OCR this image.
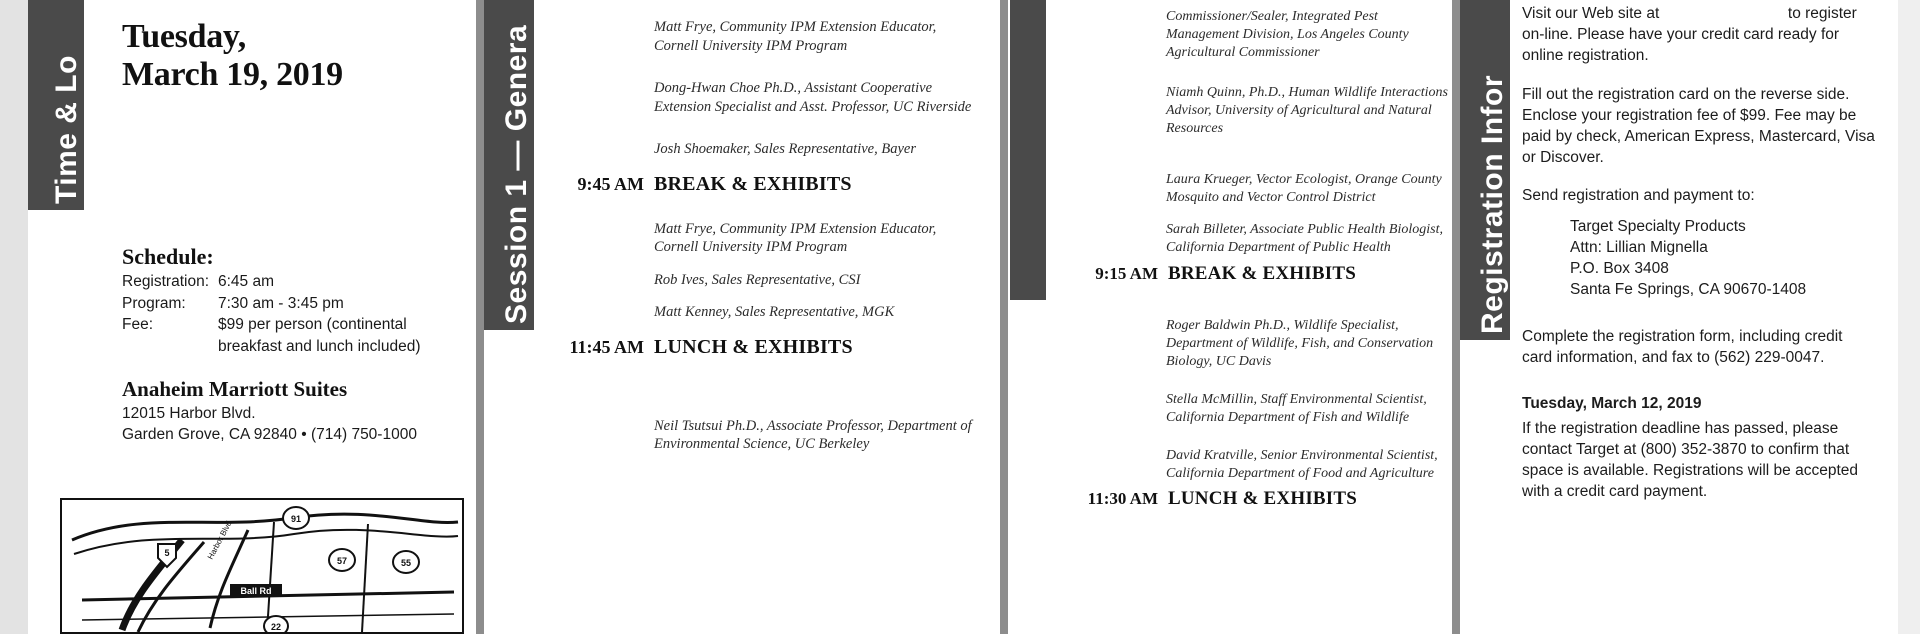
Time & Lo
Tuesday,
March 19, 2019
Schedule:
Registration:	6:45 am
Program:	7:30 am - 3:45 pm
Fee:	$99 per person (continental
	breakfast and lunch included)
Anaheim Marriott Suites
12015 Harbor Blvd.
Garden Grove, CA 92840 • (714) 750-1000
91
5
57	55
Ball Rd
Harbor Blvd
22
Session 1 — Genera	Matt Frye, Community IPM Extension Educator, Cornell University IPM Program
Dong-Hwan Choe Ph.D., Assistant Cooperative Extension Specialist and Asst. Professor, UC Riverside
Josh Shoemaker, Sales Representative, Bayer
9:45 AM BREAK & EXHIBITS
Matt Frye, Community IPM Extension Educator, Cornell University IPM Program
Rob Ives, Sales Representative, CSI
Matt Kenney, Sales Representative, MGK
11:45 AM LUNCH & EXHIBITS
Neil Tsutsui Ph.D., Associate Professor, Department of Environmental Science, UC Berkeley
Commissioner/Sealer, Integrated Pest Management Division, Los Angeles County Agricultural Commissioner
Niamh Quinn, Ph.D., Human Wildlife Interactions Advisor, University of Agricultural and Natural Resources
Laura Krueger, Vector Ecologist, Orange County Mosquito and Vector Control District
Sarah Billeter, Associate Public Health Biologist, California Department of Public Health
9:15 AM BREAK & EXHIBITS
Roger Baldwin Ph.D., Wildlife Specialist, Department of Wildlife, Fish, and Conservation Biology, UC Davis
Stella McMillin, Staff Environmental Scientist, California Department of Fish and Wildlife
David Kratville, Senior Environmental Scientist, California Department of Food and Agriculture
11:30 AM LUNCH & EXHIBITS
Registration Infor

Visit our Web site at	to register on-line. Please have your credit card ready for online registration.

Fill out the registration card on the reverse side. Enclose your registration fee of $99. Fee may be paid by check, American Express, Mastercard, Visa or Discover.

Send registration and payment to:

Target Specialty Products
Attn: Lillian Mignella
P.O. Box 3408
Santa Fe Springs, CA 90670-1408

Complete the registration form, including credit card information, and fax to (562) 229-0047.

Tuesday, March 12, 2019

If the registration deadline has passed, please contact Target at (800) 352-3870 to confirm that space is available. Registrations will be accepted with a credit card payment.
